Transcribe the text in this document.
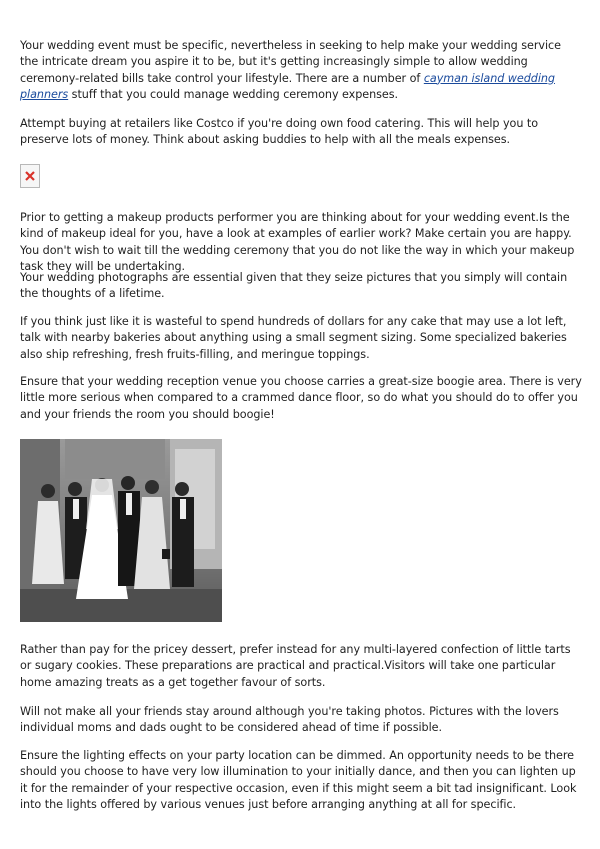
Your wedding event must be specific, nevertheless in seeking to help make your wedding service the intricate dream you aspire it to be, but it's getting increasingly simple to allow wedding ceremony-related bills take control your lifestyle. There are a number of cayman island wedding planners stuff that you could manage wedding ceremony expenses.

Attempt buying at retailers like Costco if you're doing own food catering. This will help you to preserve lots of money. Think about asking buddies to help with all the meals expenses.

Prior to getting a makeup products performer you are thinking about for your wedding event.Is the kind of makeup ideal for you, have a look at examples of earlier work? Make certain you are happy. You don't wish to wait till the wedding ceremony that you do not like the way in which your makeup task they will be undertaking.

Your wedding photographs are essential given that they seize pictures that you simply will contain the thoughts of a lifetime.

If you think just like it is wasteful to spend hundreds of dollars for any cake that may use a lot left, talk with nearby bakeries about anything using a small segment sizing. Some specialized bakeries also ship refreshing, fresh fruits-filling, and meringue toppings.

Ensure that your wedding reception venue you choose carries a great-size boogie area. There is very little more serious when compared to a crammed dance floor, so do what you should do to offer you and your friends the room you should boogie!

Rather than pay for the pricey dessert, prefer instead for any multi-layered confection of little tarts or sugary cookies. These preparations are practical and practical.Visitors will take one particular home amazing treats as a get together favour of sorts.

Will not make all your friends stay around although you're taking photos. Pictures with the lovers individual moms and dads ought to be considered ahead of time if possible.

Ensure the lighting effects on your party location can be dimmed. An opportunity needs to be there should you choose to have very low illumination to your initially dance, and then you can lighten up it for the remainder of your respective occasion, even if this might seem a bit tad insignificant. Look into the lights offered by various venues just before arranging anything at all for specific.
